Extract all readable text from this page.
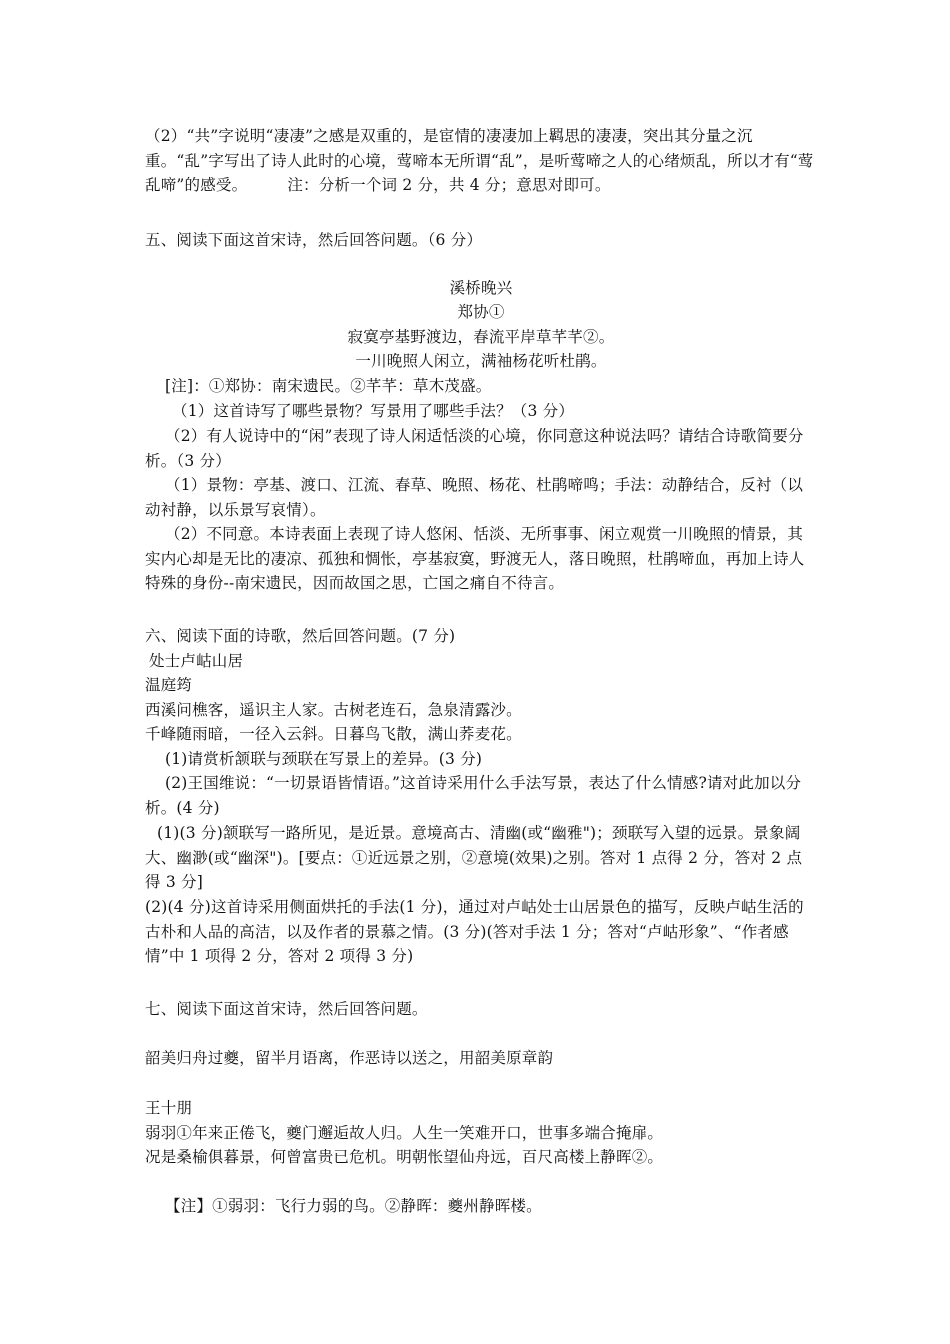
（2）“共”字说明“凄凄”之感是双重的，是宦情的凄凄加上羁思的凄凄，突出其分量之沉重。“乱”字写出了诗人此时的心境，莺啼本无所谓“乱”，是听莺啼之人的心绪烦乱，所以才有“莺乱啼”的感受。	注：分析一个词 2 分，共 4 分；意思对即可。

五、阅读下面这首宋诗，然后回答问题。（6 分）

溪桥晚兴

郑协①

寂寞亭基野渡边，春流平岸草芊芊②。

一川晚照人闲立，满袖杨花听杜鹃。

[注]：①郑协：南宋遗民。②芊芊：草木茂盛。

（1）这首诗写了哪些景物？写景用了哪些手法？（3 分）

（2）有人说诗中的“闲”表现了诗人闲适恬淡的心境，你同意这种说法吗？请结合诗歌简要分析。（3 分）

（1）景物：亭基、渡口、江流、春草、晚照、杨花、杜鹃啼鸣；手法：动静结合，反衬（以动衬静，以乐景写哀情）。

（2）不同意。本诗表面上表现了诗人悠闲、恬淡、无所事事、闲立观赏一川晚照的情景，其实内心却是无比的凄凉、孤独和惆怅，亭基寂寞，野渡无人，落日晚照，杜鹃啼血，再加上诗人特殊的身份--南宋遗民，因而故国之思，亡国之痛自不待言。

六、阅读下面的诗歌，然后回答问题。(7 分)

处士卢岵山居

温庭筠

西溪问樵客，遥识主人家。古树老连石，急泉清露沙。

千峰随雨暗，一径入云斜。日暮鸟飞散，满山荞麦花。

(1)请赏析颔联与颈联在写景上的差异。(3 分)

(2)王国维说：“一切景语皆情语。”这首诗采用什么手法写景，表达了什么情感?请对此加以分析。(4 分)

(1)(3 分)颔联写一路所见，是近景。意境高古、清幽(或“幽雅")；颈联写入望的远景。景象阔大、幽渺(或“幽深")。[要点：①近远景之别，②意境(效果)之别。答对 1 点得 2 分，答对 2 点得 3 分]

(2)(4 分)这首诗采用侧面烘托的手法(1 分)，通过对卢岵处士山居景色的描写，反映卢岵生活的古朴和人品的高洁，以及作者的景慕之情。(3 分)(答对手法 1 分；答对“卢岵形象”、“作者感情”中 1 项得 2 分，答对 2 项得 3 分)

七、阅读下面这首宋诗，然后回答问题。

韶美归舟过夔，留半月语离，作恶诗以送之，用韶美原章韵

王十朋

弱羽①年来正倦飞，夔门邂逅故人归。人生一笑难开口，世事多端合掩扉。

况是桑榆俱暮景，何曾富贵已危机。明朝怅望仙舟远，百尺高楼上静晖②。

【注】①弱羽：飞行力弱的鸟。②静晖：夔州静晖楼。
